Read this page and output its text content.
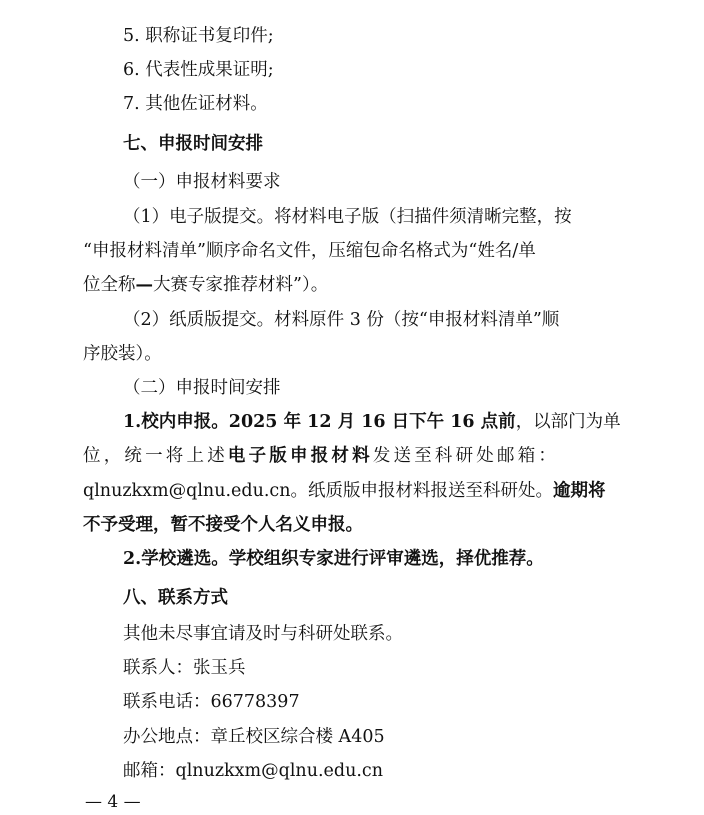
5. 职称证书复印件;
6. 代表性成果证明;
7. 其他佐证材料。
七、申报时间安排
（一）申报材料要求
（1）电子版提交。将材料电子版（扫描件须清晰完整，按
“申报材料清单”顺序命名文件，压缩包命名格式为“姓名/单
位全称—大赛专家推荐材料”）。
（2）纸质版提交。材料原件 3 份（按“申报材料清单”顺
序胶装）。
（二）申报时间安排
1.校内申报。2025 年 12 月 16 日下午 16 点前，以部门为单
位，统一将上述电子版申报材料发送至科研处邮箱：
qlnuzkxm@qlnu.edu.cn。纸质版申报材料报送至科研处。逾期将
不予受理，暂不接受个人名义申报。
2.学校遴选。学校组织专家进行评审遴选，择优推荐。
八、联系方式
其他未尽事宜请及时与科研处联系。
联系人：张玉兵
联系电话：66778397
办公地点：章丘校区综合楼 A405
邮箱：qlnuzkxm@qlnu.edu.cn
— 4 —
